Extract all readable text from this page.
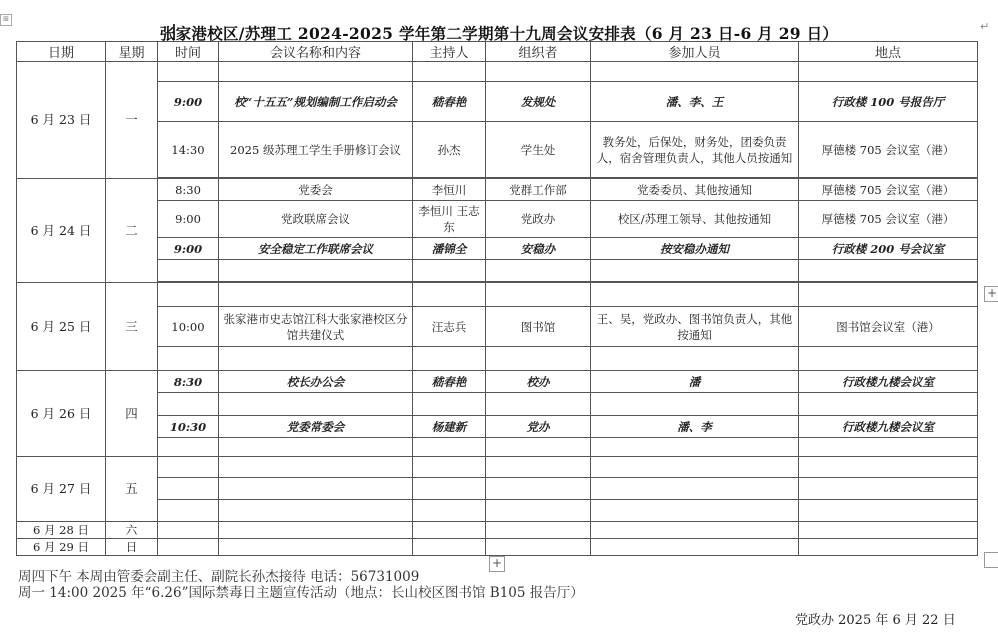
⊞
张家港校区/苏理工 2024-2025 学年第二学期第十九周会议安排表（6 月 23 日-6 月 29 日）	↵
日期	星期	时间	会议名称和内容	主持人	组织者	参加人员	地点
6 月 23 日	一						
		9:00	校“十五五”规划编制工作启动会	嵇春艳	发规处	潘、李、王	行政楼 100 号报告厅
		14:30	2025 级苏理工学生手册修订会议	孙杰	学生处	教务处，后保处，财务处，团委负责人，宿舍管理负责人，其他人员按通知	厚德楼 705 会议室（港）

6 月 24 日	二	8:30	党委会	李恒川	党群工作部	党委委员、其他按通知	厚德楼 705 会议室（港）
		9:00	党政联席会议	李恒川 王志东	党政办	校区/苏理工领导、其他按通知	厚德楼 705 会议室（港）
		9:00	安全稳定工作联席会议	潘锦全	安稳办	按安稳办通知	行政楼 200 号会议室

6 月 25 日	三						
		10:00	张家港市史志馆江科大张家港校区分馆共建仪式	汪志兵	图书馆	王、吴，党政办、图书馆负责人，其他按通知	图书馆会议室（港）

6 月 26 日	四	8:30	校长办公会	嵇春艳	校办	潘	行政楼九楼会议室

		10:30	党委常委会	杨建新	党办	潘、李	行政楼九楼会议室

6 月 27 日	五						

6 月 28 日	六						
6 月 29 日	日						
+
+
周四下午 本周由管委会副主任、副院长孙杰接待 电话：56731009
周一 14:00 2025 年“6.26”国际禁毒日主题宣传活动（地点：长山校区图书馆 B105 报告厅）
党政办 2025 年 6 月 22 日
